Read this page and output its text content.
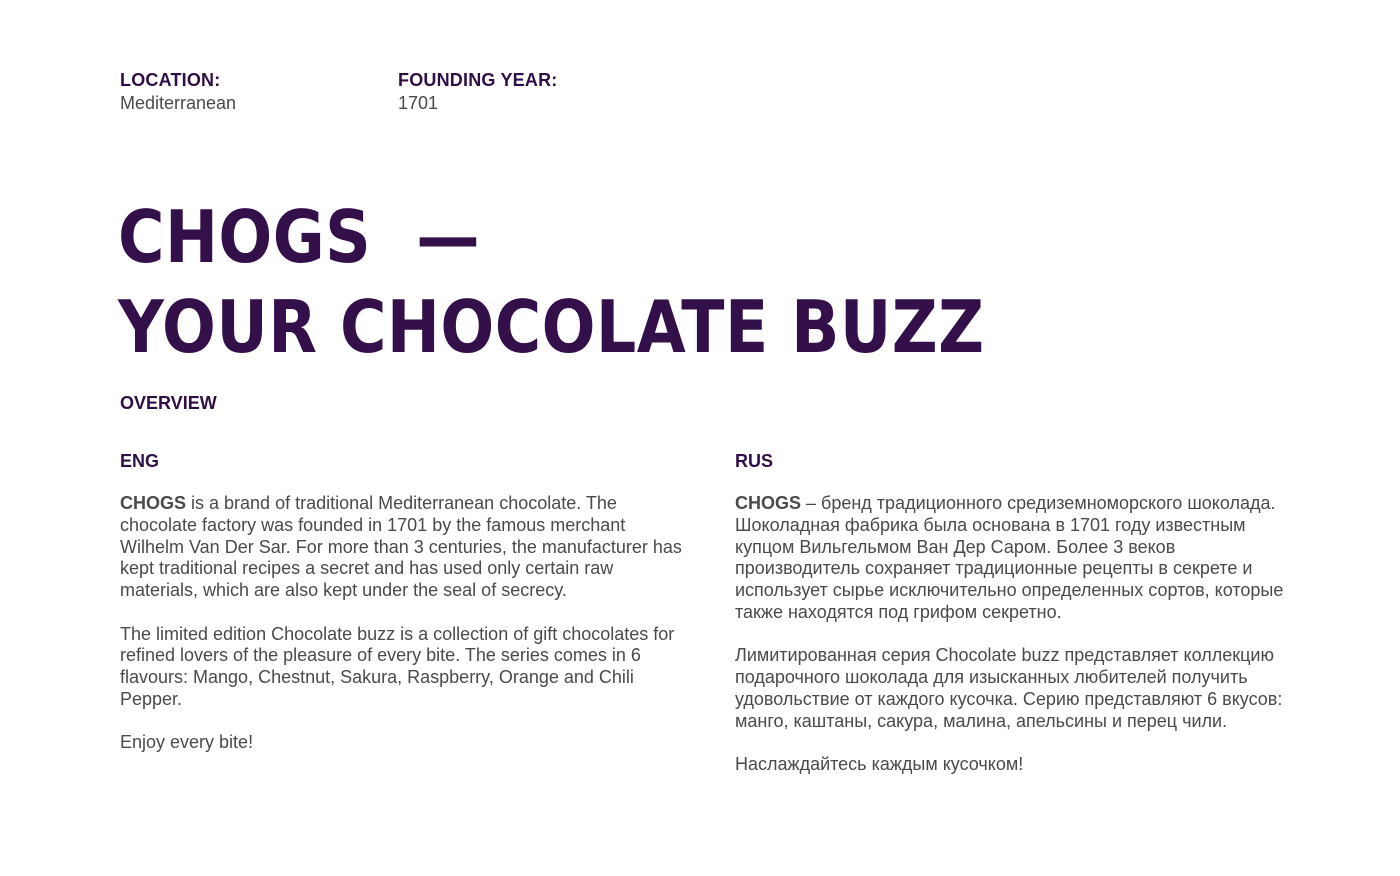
LOCATION:
Mediterranean
FOUNDING YEAR:
1701
CHOGS  —
YOUR CHOCOLATE BUZZ
OVERVIEW
ENG

CHOGS is a brand of traditional Mediterranean chocolate. The chocolate factory was founded in 1701 by the famous merchant Wilhelm Van Der Sar. For more than 3 centuries, the manufacturer has kept traditional recipes a secret and has used only certain raw materials, which are also kept under the seal of secrecy.

The limited edition Chocolate buzz is a collection of gift chocolates for refined lovers of the pleasure of every bite. The series comes in 6 flavours: Mango, Chestnut, Sakura, Raspberry, Orange and Chili Pepper.

Enjoy every bite!

RUS

CHOGS – бренд традиционного средиземноморского шоколада. Шоколадная фабрика была основана в 1701 году известным купцом Вильгельмом Ван Дер Саром. Более 3 веков производитель сохраняет традиционные рецепты в секрете и использует сырье исключительно определенных сортов, которые также находятся под грифом секретно.

Лимитированная серия Chocolate buzz представляет коллекцию подарочного шоколада для изысканных любителей получить удовольствие от каждого кусочка. Серию представляют 6 вкусов: манго, каштаны, сакура, малина, апельсины и перец чили.

Наслаждайтесь каждым кусочком!
